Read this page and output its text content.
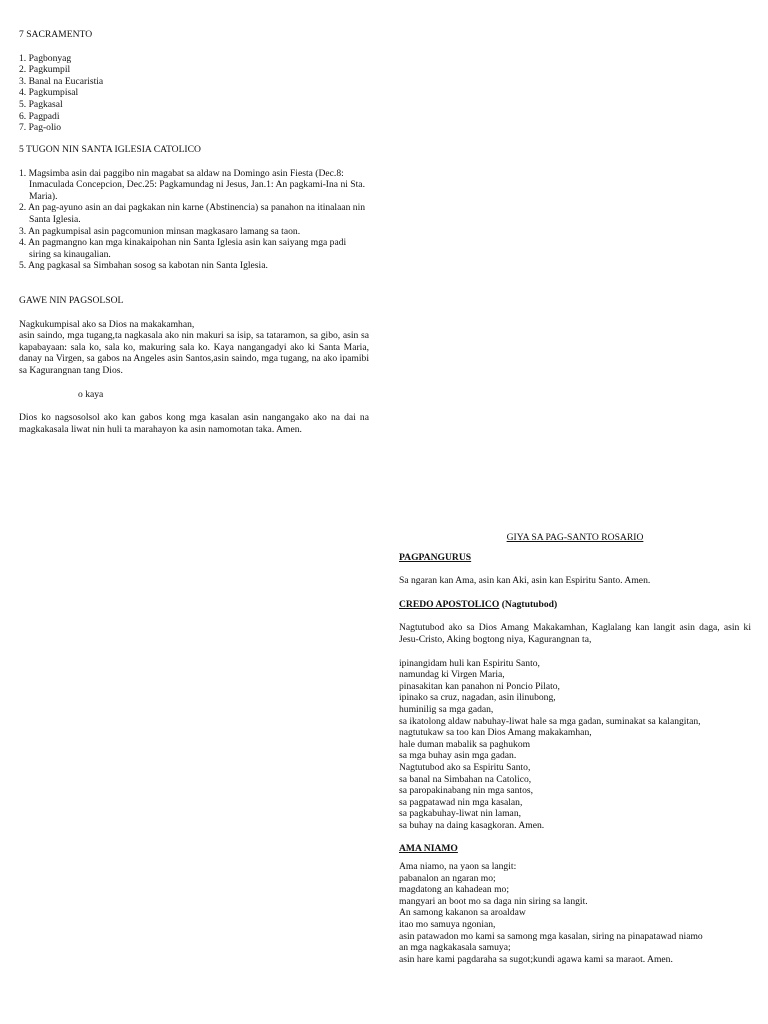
7 SACRAMENTO

1. Pagbonyag
2. Pagkumpil
3. Banal na Eucaristia
4. Pagkumpisal
5. Pagkasal
6. Pagpadi
7. Pag-olio

5 TUGON NIN SANTA IGLESIA CATOLICO

1. Magsimba asin dai paggibo nin magabat sa aldaw na Domingo asin Fiesta (Dec.8: Inmaculada Concepcion, Dec.25: Pagkamundag ni Jesus, Jan.1: An pagkami-Ina ni Sta. Maria).
2. An pag-ayuno asin an dai pagkakan nin karne (Abstinencia) sa panahon na itinalaan nin Santa Iglesia.
3. An pagkumpisal asin pagcomunion minsan magkasaro lamang sa taon.
4. An pagmangno kan mga kinakaipohan nin Santa Iglesia asin kan saiyang mga padi siring sa kinaugalian.
5. Ang pagkasal sa Simbahan sosog sa kabotan nin Santa Iglesia.

GAWE NIN PAGSOLSOL

Nagkukumpisal ako sa Dios na makakamhan,

asin saindo, mga tugang,ta nagkasala ako nin makuri sa isip, sa tataramon, sa gibo, asin sa kapabayaan: sala ko, sala ko, makuring sala ko. Kaya nangangadyi ako ki Santa Maria, danay na Virgen, sa gabos na Angeles asin Santos,asin saindo, mga tugang, na ako ipamibi sa Kagurangnan tang Dios.

o kaya

Dios ko nagsosolsol ako kan gabos kong mga kasalan asin nangangako ako na dai na magkakasala liwat nin huli ta marahayon ka asin namomotan taka. Amen.

GIYA SA PAG-SANTO ROSARIO

PAGPANGURUS

Sa ngaran kan Ama, asin kan Aki, asin kan Espiritu Santo. Amen.

CREDO APOSTOLICO (Nagtutubod)

Nagtutubod ako sa Dios Amang Makakamhan, Kaglalang kan langit asin daga, asin ki Jesu-Cristo, Aking bogtong niya, Kagurangnan ta,

ipinangidam huli kan Espiritu Santo,

namundag ki Virgen Maria,

pinasakitan kan panahon ni Poncio Pilato,

ipinako sa cruz, nagadan, asin ilinubong,

huminilig sa mga gadan,

sa ikatolong aldaw nabuhay-liwat hale sa mga gadan, suminakat sa kalangitan,

nagtutukaw sa too kan Dios Amang makakamhan,

hale duman mabalik sa paghukom

sa mga buhay asin mga gadan.

Nagtutubod ako sa Espiritu Santo,

sa banal na Simbahan na Catolico,

sa paropakinabang nin mga santos,

sa pagpatawad nin mga kasalan,

sa pagkabuhay-liwat nin laman,

sa buhay na daing kasagkoran. Amen.

AMA NIAMO

Ama niamo, na yaon sa langit:

pabanalon an ngaran mo;

magdatong an kahadean mo;

mangyari an boot mo sa daga nin siring sa langit.

An samong kakanon sa aroaldaw

itao mo samuya ngonian,

asin patawadon mo kami sa samong mga kasalan, siring na pinapatawad niamo

an mga nagkakasala samuya;

asin hare kami pagdaraha sa sugot;kundi agawa kami sa maraot. Amen.
